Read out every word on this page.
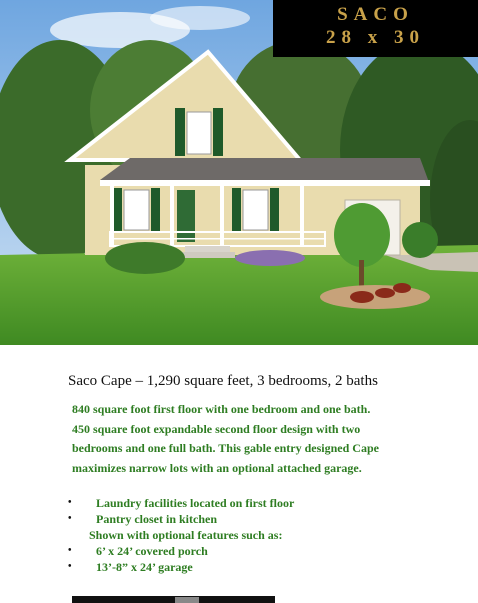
SACO
28 x 30
Saco Cape – 1,290 square feet, 3 bedrooms, 2 baths
840 square foot first floor with one bedroom and one bath.
450 square foot expandable second floor design with two
bedrooms and one full bath. This gable entry designed Cape
maximizes narrow lots with an optional attached garage.
• Laundry facilities located on first floor
• Pantry closet in kitchen
Shown with optional features such as:
• 6’ x 24’ covered porch
• 13’-8” x 24’ garage
